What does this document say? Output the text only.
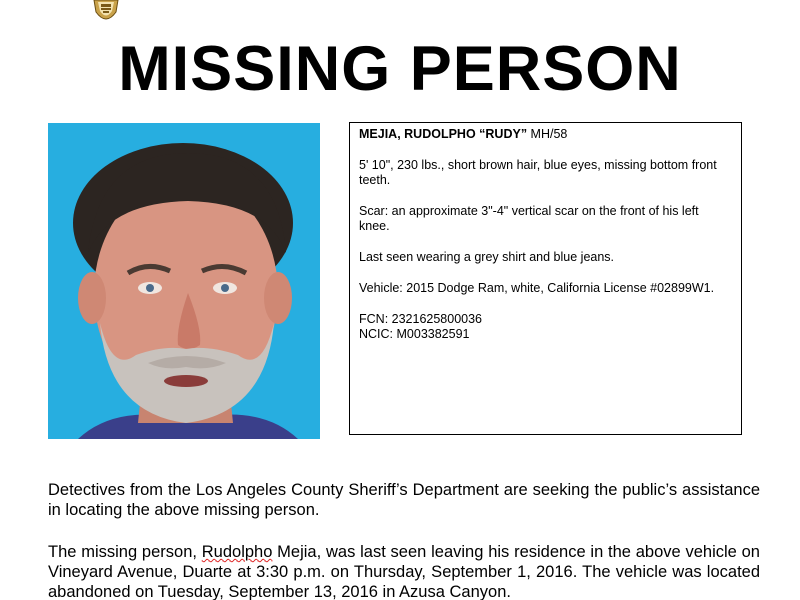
MISSING PERSON

MEJIA, RUDOLPHO “RUDY” MH/58

5' 10", 230 lbs., short brown hair, blue eyes, missing bottom front teeth.

Scar: an approximate 3"-4" vertical scar on the front of his left knee.

Last seen wearing a grey shirt and blue jeans.

Vehicle: 2015 Dodge Ram, white, California License #02899W1.

FCN: 2321625800036

NCIC: M003382591

Detectives from the Los Angeles County Sheriff’s Department are seeking the public’s assistance in locating the above missing person.

The missing person, Rudolpho Mejia, was last seen leaving his residence in the above vehicle on Vineyard Avenue, Duarte at 3:30 p.m. on Thursday, September 1, 2016. The vehicle was located abandoned on Tuesday, September 13, 2016 in Azusa Canyon.
